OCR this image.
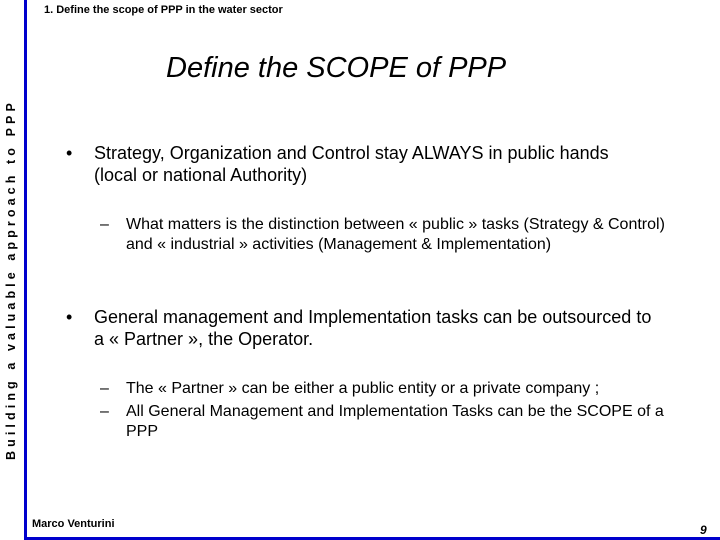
Building a valuable approach to PPP
1. Define the scope of PPP in the water sector
Define the SCOPE of PPP
• Strategy, Organization and Control stay ALWAYS in public hands (local or national Authority)
– What matters is the distinction between « public » tasks (Strategy & Control) and « industrial » activities (Management & Implementation)
• General management and Implementation tasks can be outsourced to a « Partner », the Operator.
– The « Partner » can be either a public entity or a private company ;
– All General Management and Implementation Tasks can be the SCOPE of a PPP
Marco Venturini	9
